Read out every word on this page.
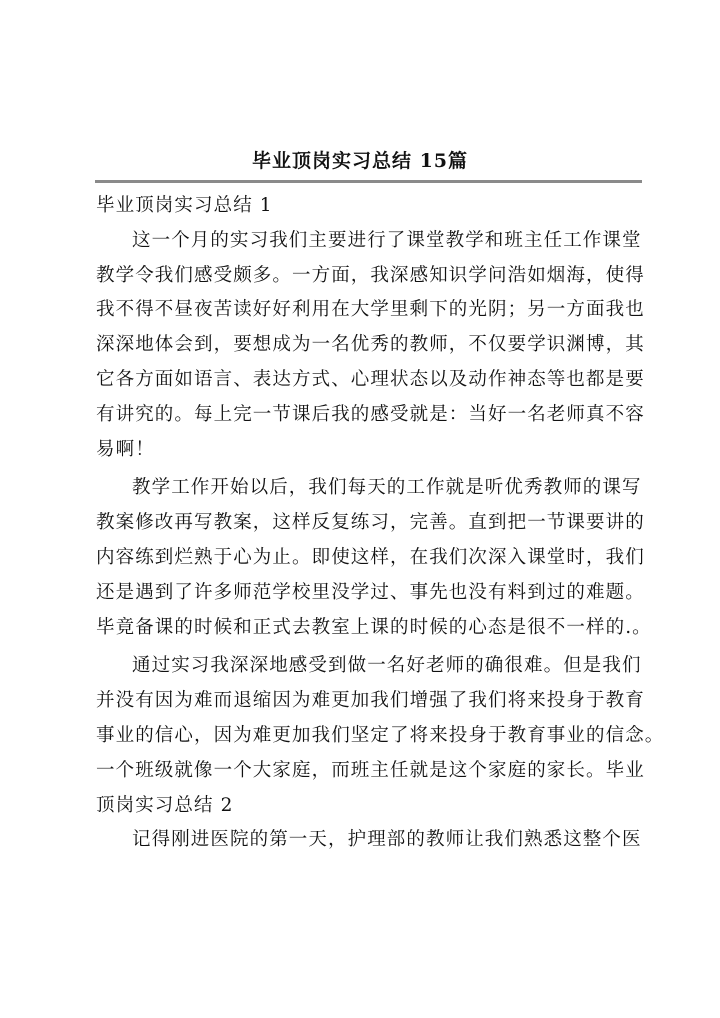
毕业顶岗实习总结 15篇
毕业顶岗实习总结 1
这一个月的实习我们主要进行了课堂教学和班主任工作课堂
教学令我们感受颇多。一方面，我深感知识学问浩如烟海，使得
我不得不昼夜苦读好好利用在大学里剩下的光阴；另一方面我也
深深地体会到，要想成为一名优秀的教师，不仅要学识渊博，其
它各方面如语言、表达方式、心理状态以及动作神态等也都是要
有讲究的。每上完一节课后我的感受就是：当好一名老师真不容
易啊！
教学工作开始以后，我们每天的工作就是听优秀教师的课写
教案修改再写教案，这样反复练习，完善。直到把一节课要讲的
内容练到烂熟于心为止。即使这样，在我们次深入课堂时，我们
还是遇到了许多师范学校里没学过、事先也没有料到过的难题。
毕竟备课的时候和正式去教室上课的时候的心态是很不一样的.。
通过实习我深深地感受到做一名好老师的确很难。但是我们
并没有因为难而退缩因为难更加我们增强了我们将来投身于教育
事业的信心，因为难更加我们坚定了将来投身于教育事业的信念。
一个班级就像一个大家庭，而班主任就是这个家庭的家长。毕业
顶岗实习总结 2
记得刚进医院的第一天，护理部的教师让我们熟悉这整个医
